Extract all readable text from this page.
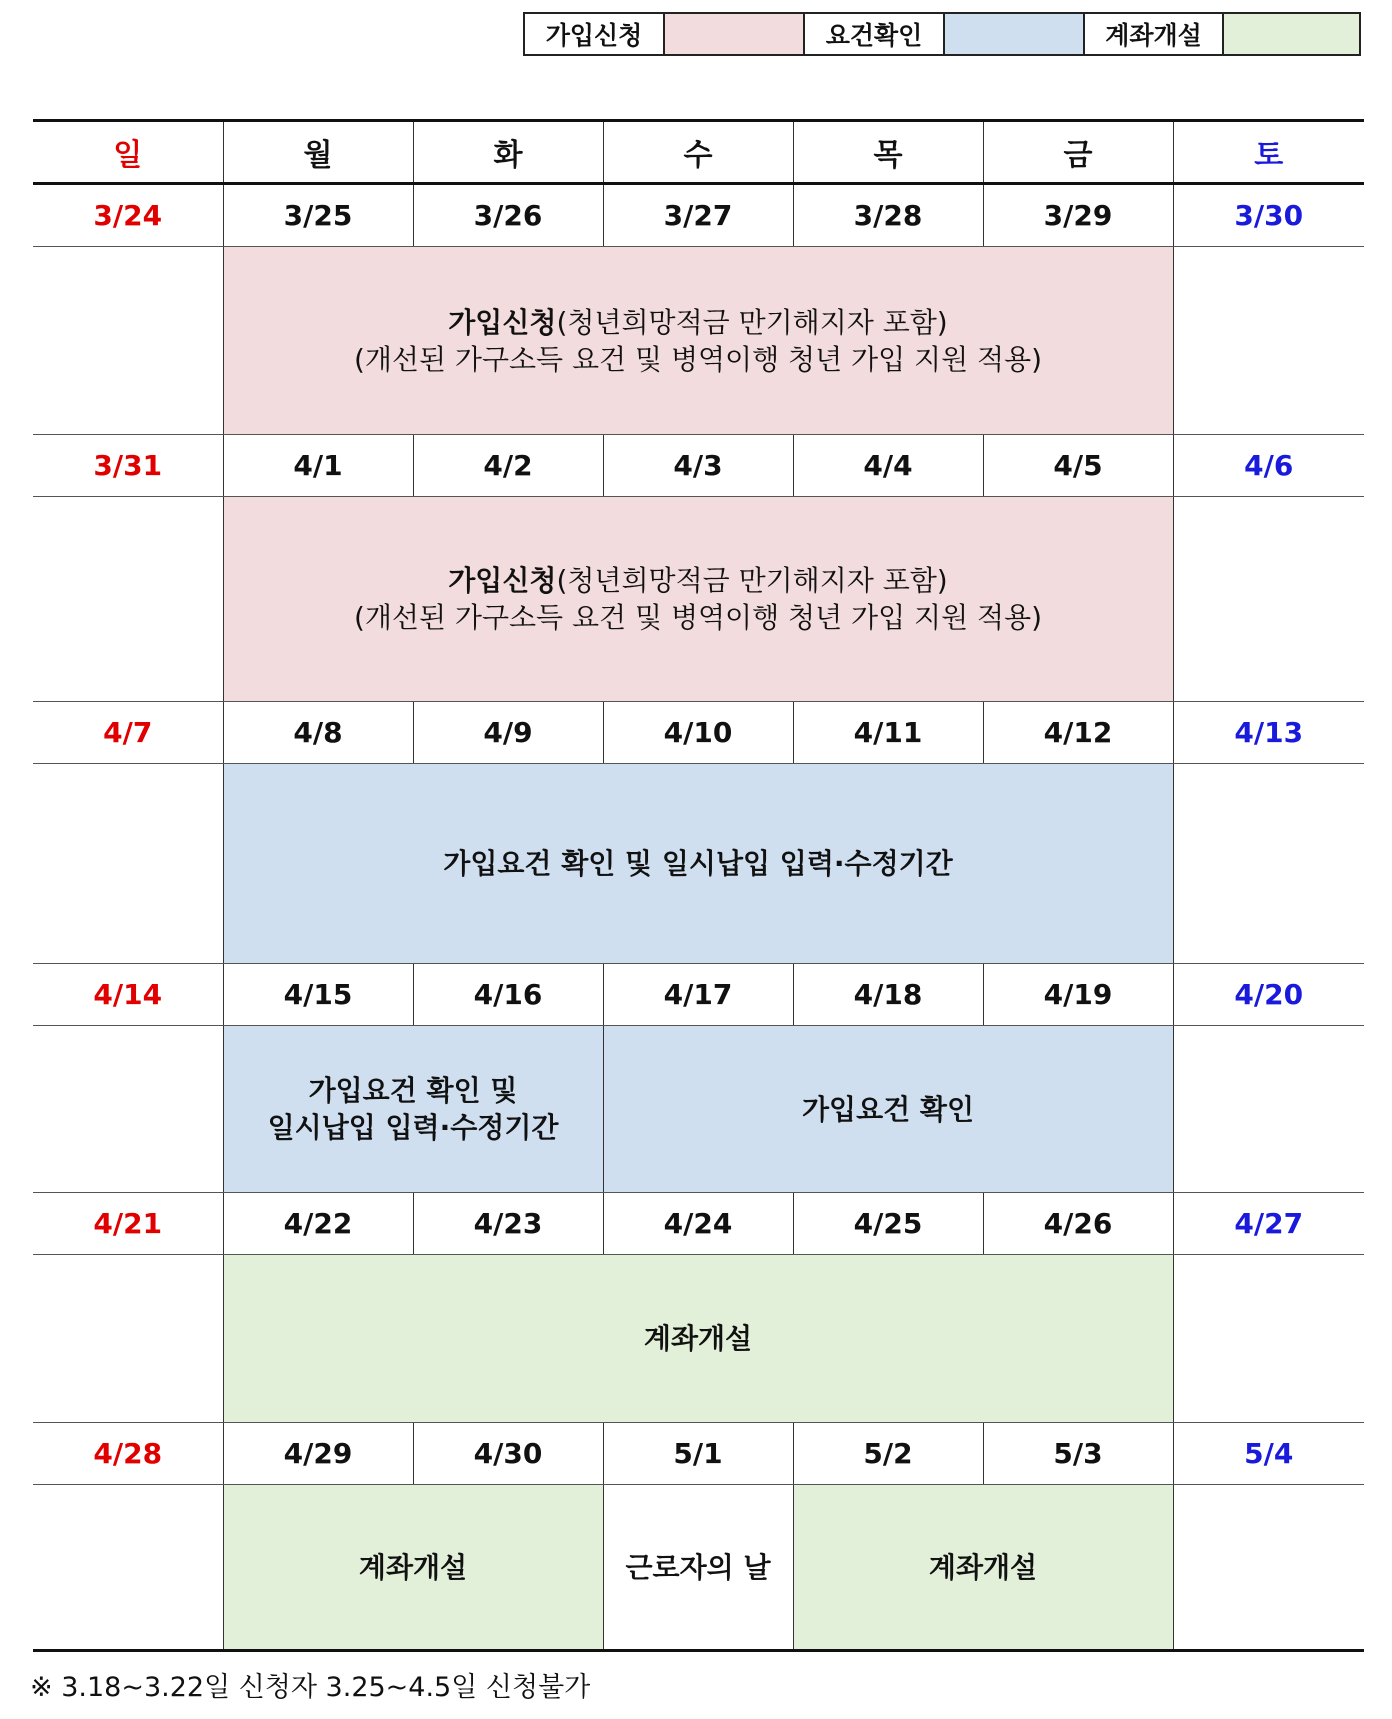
가입신청	요건확인	계좌개설
일	월	화	수	목	금	토
3/24	3/25	3/26	3/27	3/28	3/29	3/30

	가입신청(청년희망적금 만기해지자 포함)
(개선된 가구소득 요건 및 병역이행 청년 가입 지원 적용)					

3/31	4/1	4/2	4/3	4/4	4/5	4/6

	가입신청(청년희망적금 만기해지자 포함)
(개선된 가구소득 요건 및 병역이행 청년 가입 지원 적용)					

4/7	4/8	4/9	4/10	4/11	4/12	4/13
	가입요건 확인 및 일시납입 입력·수정기간					
4/14	4/15	4/16	4/17	4/18	4/19	4/20

	가입요건 확인 및
일시납입 입력·수정기간		가입요건 확인			
4/21	4/22	4/23	4/24	4/25	4/26	4/27
	계좌개설					
4/28	4/29	4/30	5/1	5/2	5/3	5/4
	계좌개설		근로자의 날	계좌개설		
※ 3.18~3.22일 신청자 3.25~4.5일 신청불가
